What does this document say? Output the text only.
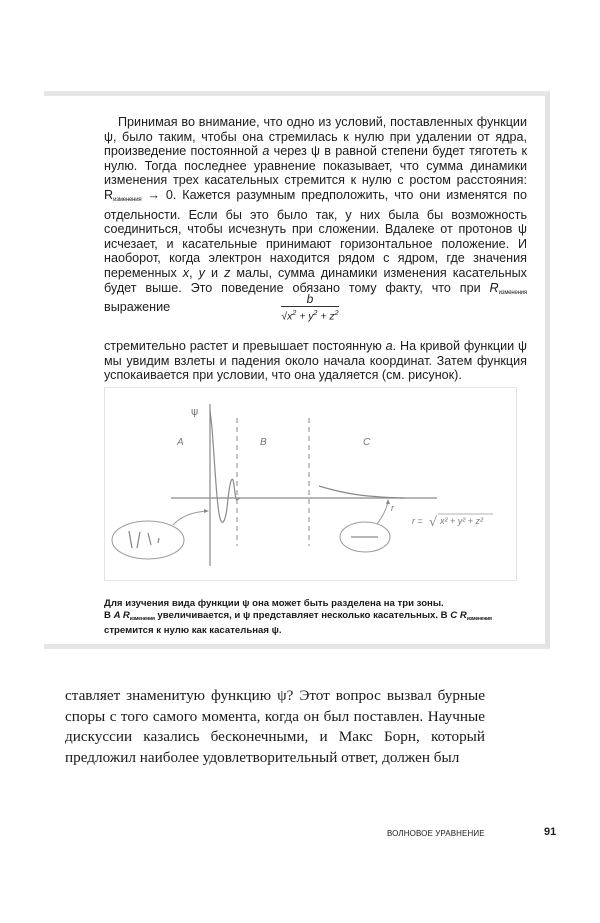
Принимая во внимание, что одно из условий, поставленных функции ψ, было таким, чтобы она стремилась к нулю при удалении от ядра, произведение постоянной a через ψ в равной степени будет тяготеть к нулю. Тогда последнее уравнение показывает, что сумма динамики изменения трех касательных стремится к нулю с ростом расстояния: $R_{изменения} \to 0$. Кажется разумным предположить, что они изменятся по отдельности. Если бы это было так, у них была бы возможность соединиться, чтобы исчезнуть при сложении. Вдалеке от протонов ψ исчезает, и касательные принимают горизонтальное положение. И наоборот, когда электрон находится рядом с ядром, где значения переменных x, y и z малы, сумма динамики изменения касательных будет выше. Это поведение обязано тому факту, что при $R_{изменения}$ выражение	$\frac{b}{√x^2 + y^2 + z^2}$

стремительно растет и превышает постоянную a. На кривой функции ψ мы увидим взлеты и падения около начала координат. Затем функция успокаивается при условии, что она удаляется (см. рисунок).

ψ
A	B	C
r
r = √ x² + y² + z²

Для изучения вида функции ψ она может быть разделена на три зоны.

В A $R_{изменения}$ увеличивается, и ψ представляет несколько касательных. В C $R_{изменения}$

стремится к нулю как касательная ψ.

ставляет знаменитую функцию ψ? Этот вопрос вызвал бурные споры с того самого момента, когда он был поставлен. Научные дискуссии казались бесконечными, и Макс Борн, который предложил наиболее удовлетворительный ответ, должен был

ВОЛНОВОЕ УРАВНЕНИЕ	91
